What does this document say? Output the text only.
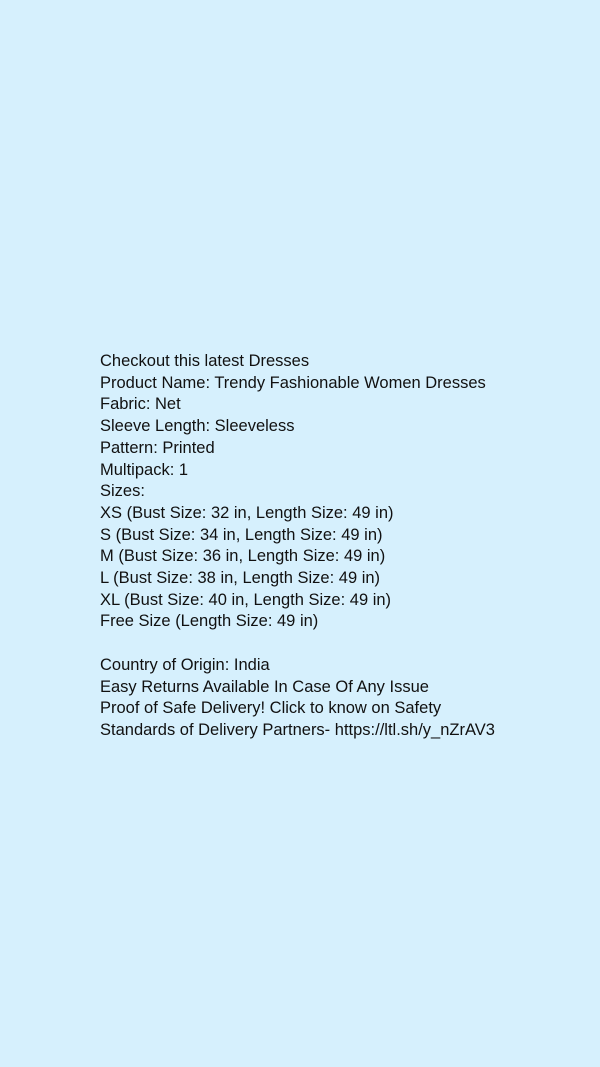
Checkout this latest Dresses
Product Name: Trendy Fashionable Women Dresses
Fabric: Net
Sleeve Length: Sleeveless
Pattern: Printed
Multipack: 1
Sizes:
XS (Bust Size: 32 in, Length Size: 49 in)
S (Bust Size: 34 in, Length Size: 49 in)
M (Bust Size: 36 in, Length Size: 49 in)
L (Bust Size: 38 in, Length Size: 49 in)
XL (Bust Size: 40 in, Length Size: 49 in)
Free Size (Length Size: 49 in)
Country of Origin: India
Easy Returns Available In Case Of Any Issue
Proof of Safe Delivery! Click to know on Safety
Standards of Delivery Partners- https://ltl.sh/y_nZrAV3
